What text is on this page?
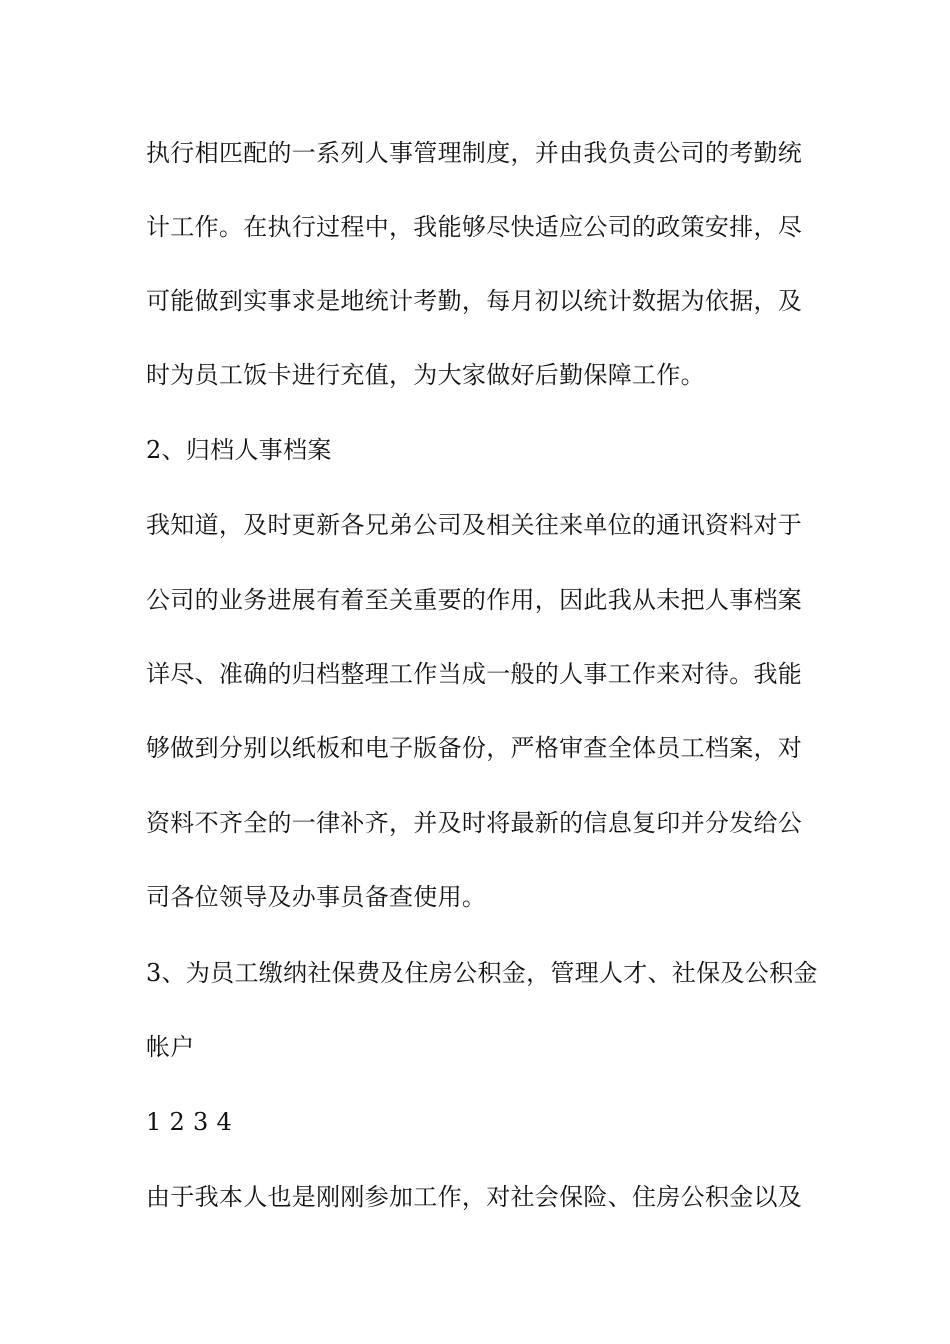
执行相匹配的一系列人事管理制度，并由我负责公司的考勤统
计工作。在执行过程中，我能够尽快适应公司的政策安排，尽
可能做到实事求是地统计考勤，每月初以统计数据为依据，及
时为员工饭卡进行充值，为大家做好后勤保障工作。
2、归档人事档案
我知道，及时更新各兄弟公司及相关往来单位的通讯资料对于
公司的业务进展有着至关重要的作用，因此我从未把人事档案
详尽、准确的归档整理工作当成一般的人事工作来对待。我能
够做到分别以纸板和电子版备份，严格审查全体员工档案，对
资料不齐全的一律补齐，并及时将最新的信息复印并分发给公
司各位领导及办事员备查使用。
3、为员工缴纳社保费及住房公积金，管理人才、社保及公积金
帐户
1 2 3 4
由于我本人也是刚刚参加工作，对社会保险、住房公积金以及
